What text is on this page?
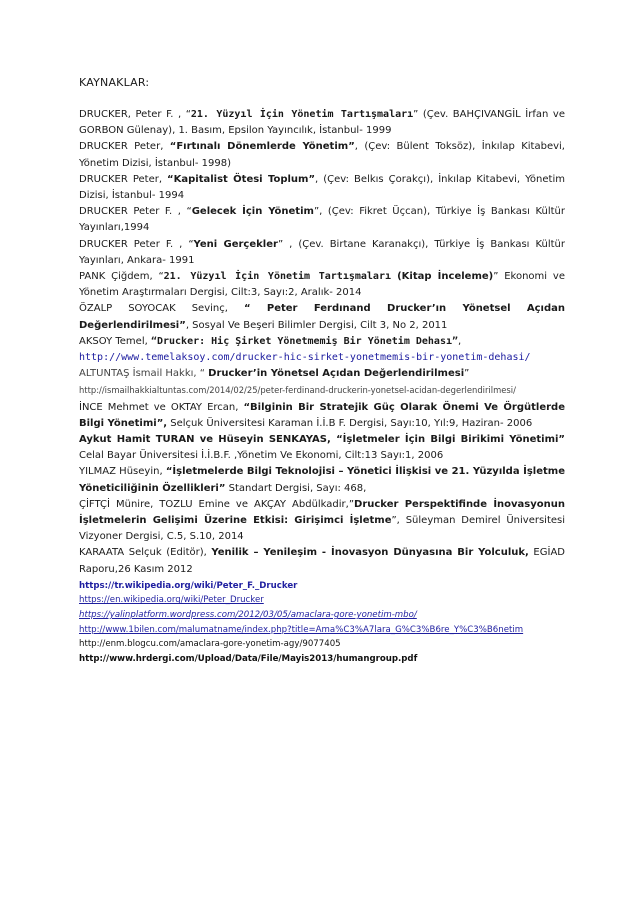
KAYNAKLAR:
DRUCKER, Peter F. , “21. Yüzyıl İçin Yönetim Tartışmaları” (Çev. BAHÇIVANGİL İrfan ve GORBON Gülenay), 1. Basım, Epsilon Yayıncılık, İstanbul- 1999
DRUCKER Peter, “Fırtınalı Dönemlerde Yönetim”, (Çev: Bülent Toksöz), İnkılap Kitabevi, Yönetim Dizisi, İstanbul- 1998)
DRUCKER Peter, “Kapitalist Ötesi Toplum”, (Çev: Belkıs Çorakçı), İnkılap Kitabevi, Yönetim Dizisi, İstanbul- 1994
DRUCKER Peter F. , “Gelecek İçin Yönetim”, (Çev: Fikret Üçcan), Türkiye İş Bankası Kültür Yayınları,1994
DRUCKER Peter F. , “Yeni Gerçekler” , (Çev. Birtane Karanakçı), Türkiye İş Bankası Kültür Yayınları, Ankara- 1991
PANK Çiğdem, “21. Yüzyıl İçin Yönetim Tartışmaları (Kitap İnceleme)” Ekonomi ve Yönetim Araştırmaları Dergisi, Cilt:3, Sayı:2, Aralık- 2014
ÖZALP SOYOCAK Sevinç, “ Peter Ferdınand Drucker’ın Yönetsel Açıdan Değerlendirilmesi”, Sosyal Ve Beşeri Bilimler Dergisi, Cilt 3, No 2, 2011
AKSOY Temel, “Drucker: Hiç Şirket Yönetmemiş Bir Yönetim Dehası”,
http://www.temelaksoy.com/drucker-hic-sirket-yonetmemis-bir-yonetim-dehasi/
ALTUNTAŞ İsmail Hakkı, “ Drucker’in Yönetsel Açıdan Değerlendirilmesi”
http://ismailhakkialtuntas.com/2014/02/25/peter-ferdinand-druckerin-yonetsel-acidan-degerlendirilmesi/
İNCE Mehmet ve OKTAY Ercan, “Bilginin Bir Stratejik Güç Olarak Önemi Ve Örgütlerde Bilgi Yönetimi”, Selçuk Üniversitesi Karaman İ.İ.B F. Dergisi, Sayı:10, Yıl:9, Haziran- 2006
Aykut Hamit TURAN ve Hüseyin SENKAYAS, “İşletmeler İçin Bilgi Birikimi Yönetimi” Celal Bayar Üniversitesi İ.İ.B.F. ,Yönetim Ve Ekonomi, Cilt:13 Sayı:1, 2006
YILMAZ Hüseyin, “İşletmelerde Bilgi Teknolojisi – Yönetici İlişkisi ve 21. Yüzyılda İşletme Yöneticiliğinin Özellikleri” Standart Dergisi, Sayı: 468,
ÇİFTÇİ Münire, TOZLU Emine ve AKÇAY Abdülkadir,”Drucker Perspektifinde İnovasyonun İşletmelerin Gelişimi Üzerine Etkisi: Girişimci İşletme”, Süleyman Demirel Üniversitesi Vizyoner Dergisi, C.5, S.10, 2014
KARAATA Selçuk (Editör), Yenilik – Yenileşim - İnovasyon Dünyasına Bir Yolculuk, EGİAD Raporu,26 Kasım 2012
https://tr.wikipedia.org/wiki/Peter_F._Drucker
https://en.wikipedia.org/wiki/Peter_Drucker
https://yalinplatform.wordpress.com/2012/03/05/amaclara-gore-yonetim-mbo/
http://www.1bilen.com/malumatname/index.php?title=Ama%C3%A7lara_G%C3%B6re_Y%C3%B6netim
http://enm.blogcu.com/amaclara-gore-yonetim-agy/9077405
http://www.hrdergi.com/Upload/Data/File/Mayis2013/humangroup.pdf
